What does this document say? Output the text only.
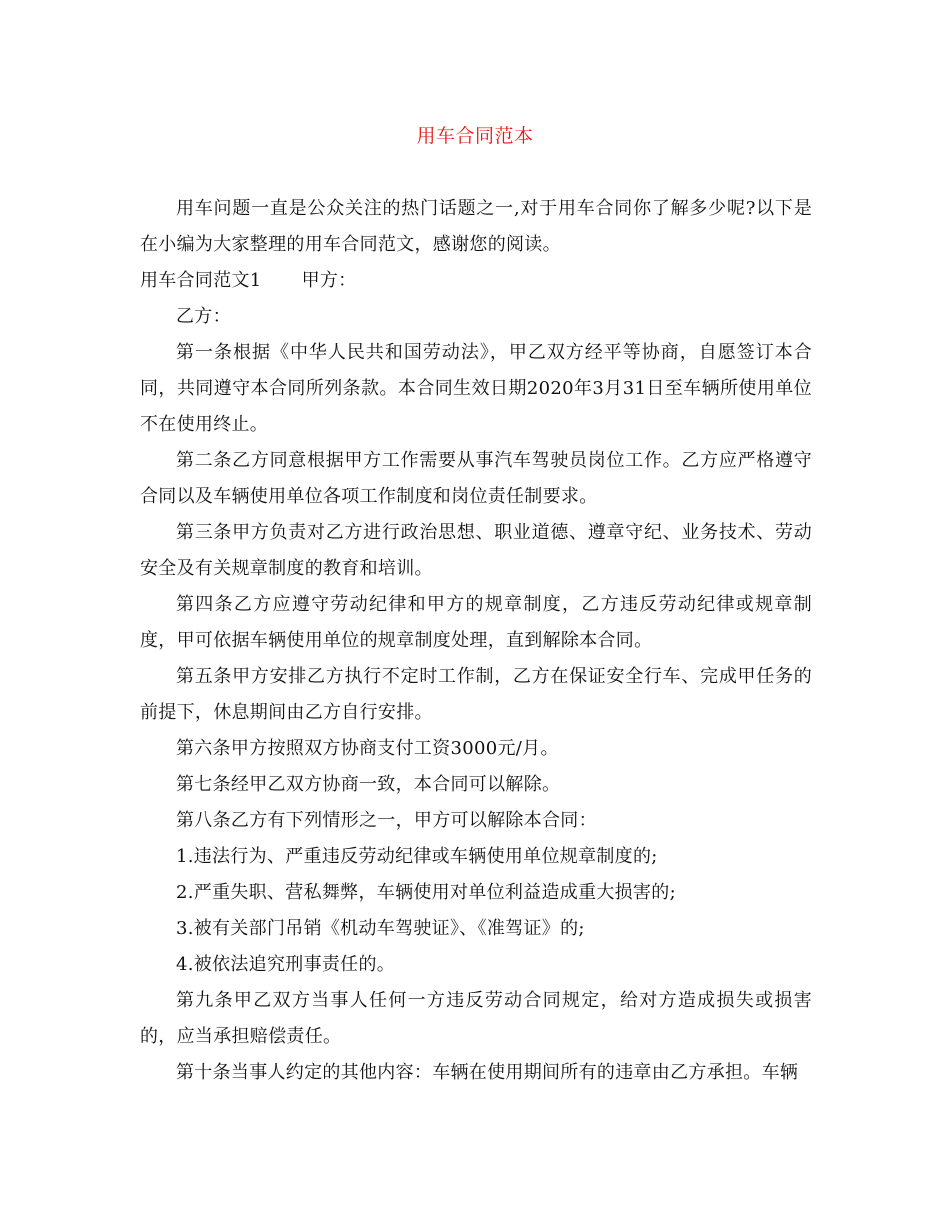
用车合同范本

用车问题一直是公众关注的热门话题之一,对于用车合同你了解多少呢?以下是在小编为大家整理的用车合同范文，感谢您的阅读。

用车合同范文1 甲方：

乙方：

第一条根据《中华人民共和国劳动法》，甲乙双方经平等协商，自愿签订本合同，共同遵守本合同所列条款。本合同生效日期2020年3月31日至车辆所使用单位不在使用终止。

第二条乙方同意根据甲方工作需要从事汽车驾驶员岗位工作。乙方应严格遵守合同以及车辆使用单位各项工作制度和岗位责任制要求。

第三条甲方负责对乙方进行政治思想、职业道德、遵章守纪、业务技术、劳动安全及有关规章制度的教育和培训。

第四条乙方应遵守劳动纪律和甲方的规章制度，乙方违反劳动纪律或规章制度，甲可依据车辆使用单位的规章制度处理，直到解除本合同。

第五条甲方安排乙方执行不定时工作制，乙方在保证安全行车、完成甲任务的前提下，休息期间由乙方自行安排。

第六条甲方按照双方协商支付工资3000元/月。

第七条经甲乙双方协商一致，本合同可以解除。

第八条乙方有下列情形之一，甲方可以解除本合同：

1.违法行为、严重违反劳动纪律或车辆使用单位规章制度的;

2.严重失职、营私舞弊，车辆使用对单位利益造成重大损害的;

3.被有关部门吊销《机动车驾驶证》、《准驾证》的;

4.被依法追究刑事责任的。

第九条甲乙双方当事人任何一方违反劳动合同规定，给对方造成损失或损害的，应当承担赔偿责任。

第十条当事人约定的其他内容：车辆在使用期间所有的违章由乙方承担。车辆
